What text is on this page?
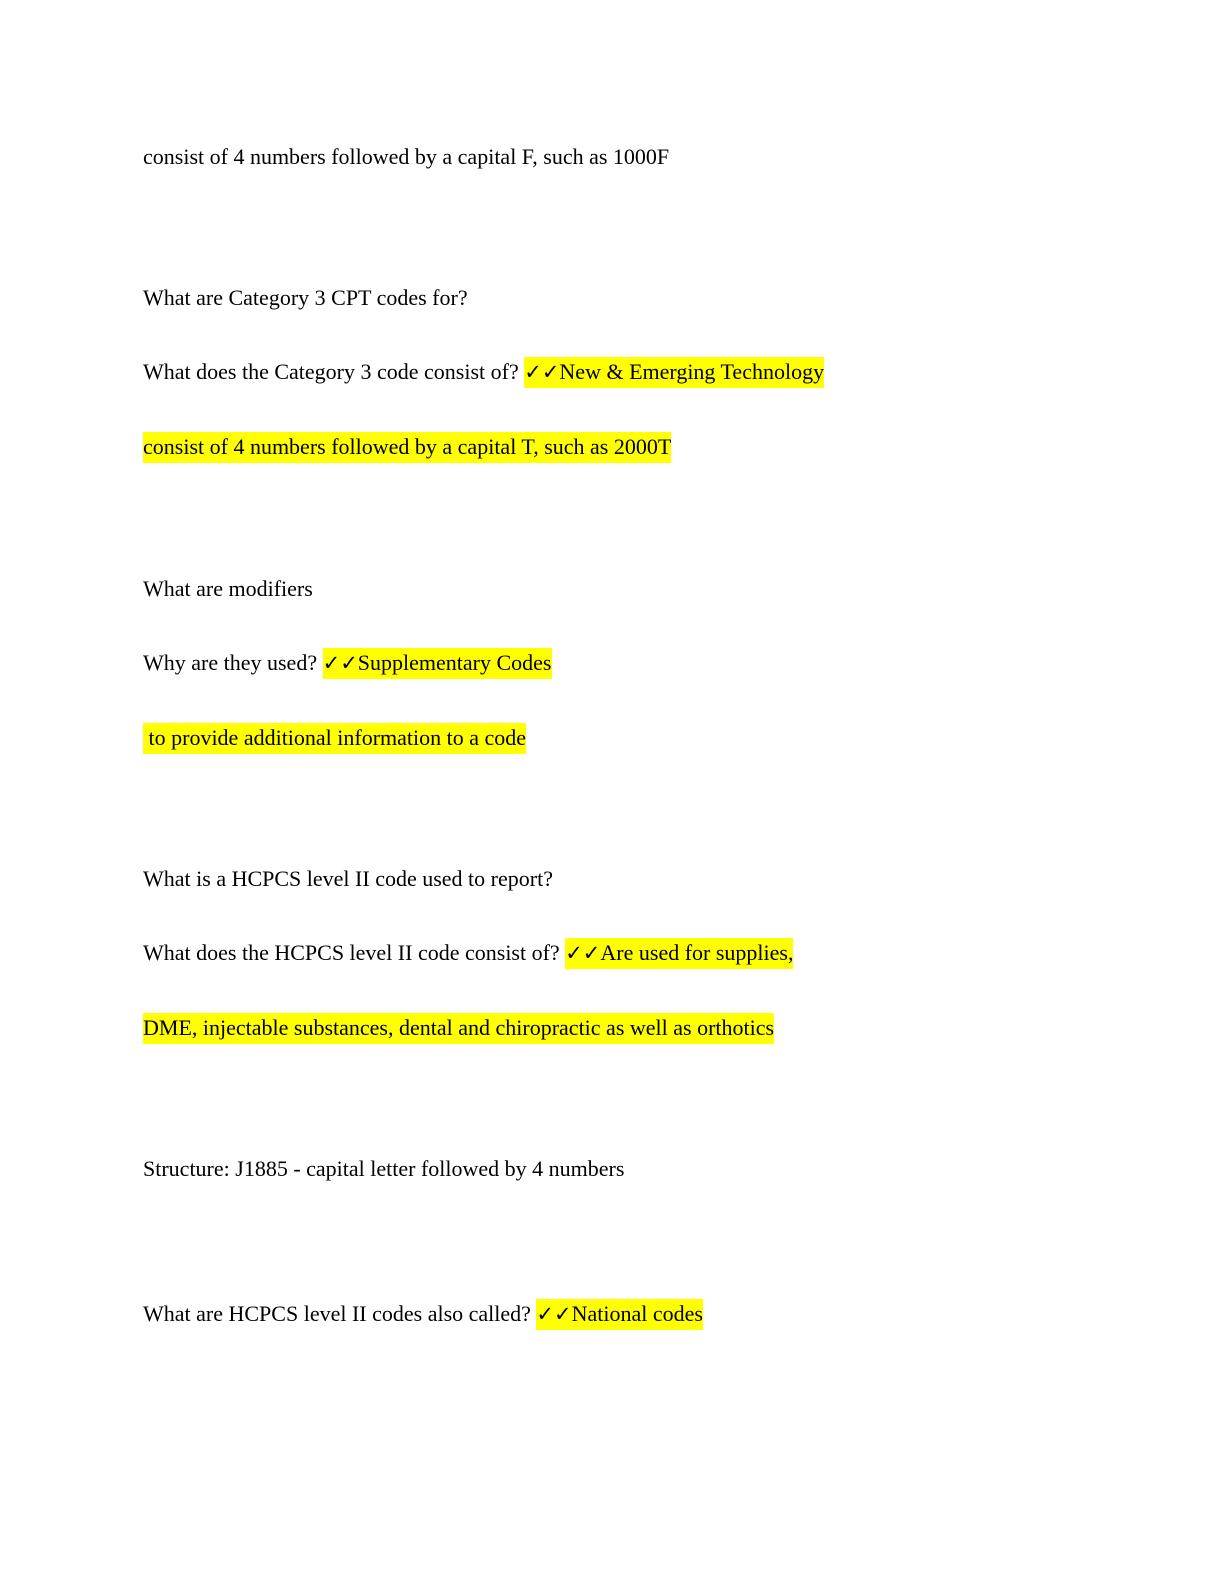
consist of 4 numbers followed by a capital F, such as 1000F
What are Category 3 CPT codes for?
What does the Category 3 code consist of? ✓✓New & Emerging Technology
consist of 4 numbers followed by a capital T, such as 2000T
What are modifiers
Why are they used? ✓✓Supplementary Codes
to provide additional information to a code
What is a HCPCS level II code used to report?
What does the HCPCS level II code consist of? ✓✓Are used for supplies,
DME, injectable substances, dental and chiropractic as well as orthotics
Structure: J1885 - capital letter followed by 4 numbers
What are HCPCS level II codes also called? ✓✓National codes
